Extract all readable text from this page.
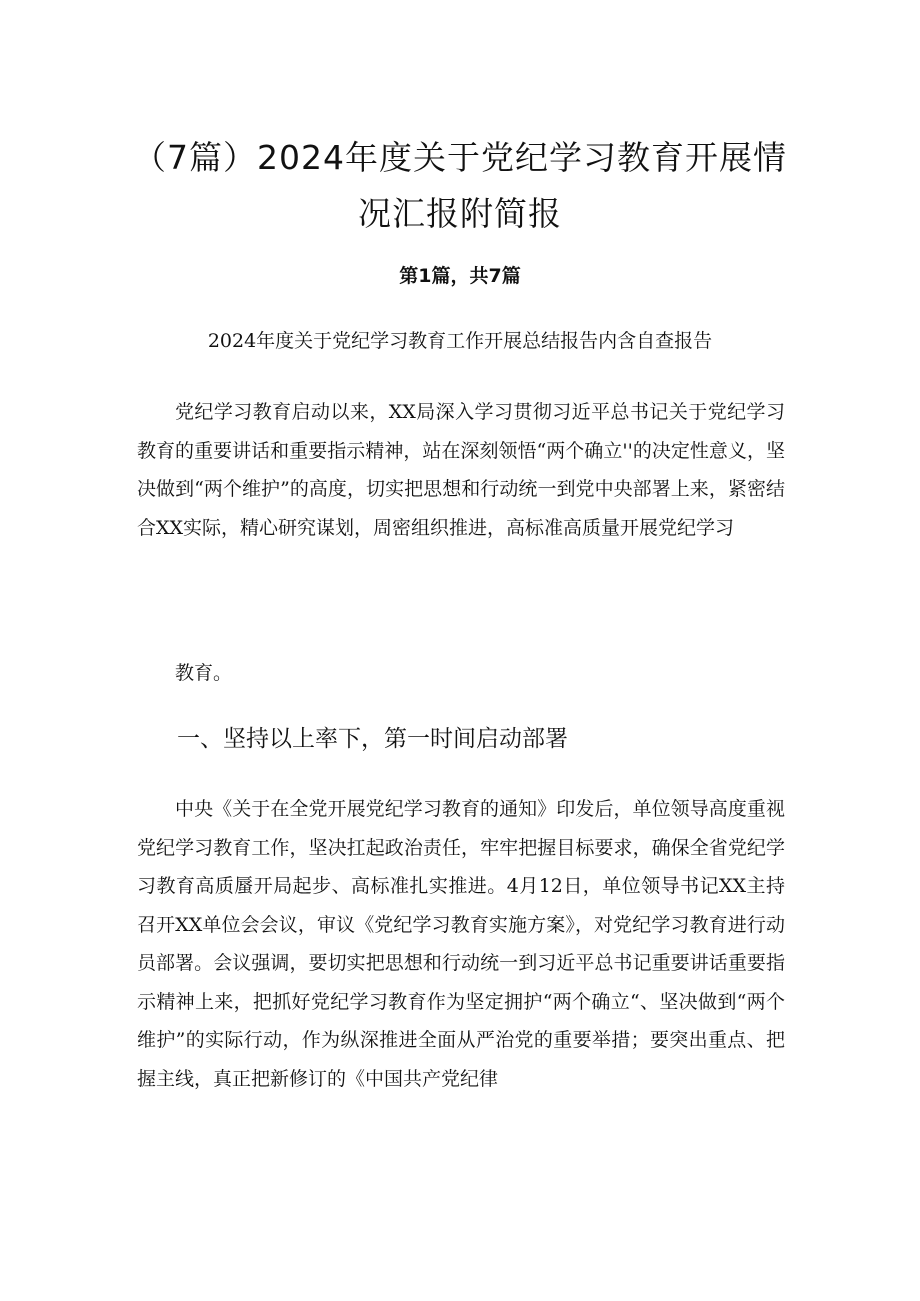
（7篇）2024年度关于党纪学习教育开展情况汇报附简报
第1篇，共7篇
2024年度关于党纪学习教育工作开展总结报告内含自查报告

党纪学习教育启动以来，XX局深入学习贯彻习近平总书记关于党纪学习教育的重要讲话和重要指示精神，站在深刻领悟“两个确立''的决定性意义，坚决做到“两个维护”的高度，切实把思想和行动统一到党中央部署上来，紧密结合XX实际，精心研究谋划，周密组织推进，高标准高质量开展党纪学习

教育。

一、坚持以上率下，第一时间启动部署

中央《关于在全党开展党纪学习教育的通知》印发后，单位领导高度重视党纪学习教育工作，坚决扛起政治责任，牢牢把握目标要求，确保全省党纪学习教育高质蜃开局起步、高标准扎实推进。4月12日，单位领导书记XX主持召开XX单位会会议，审议《党纪学习教育实施方案》，对党纪学习教育进行动员部署。会议强调，要切实把思想和行动统一到习近平总书记重要讲话重要指示精神上来，把抓好党纪学习教育作为坚定拥护“两个确立“、坚决做到“两个维护”的实际行动，作为纵深推进全面从严治党的重要举措；要突出重点、把握主线，真正把新修订的《中国共产党纪律
